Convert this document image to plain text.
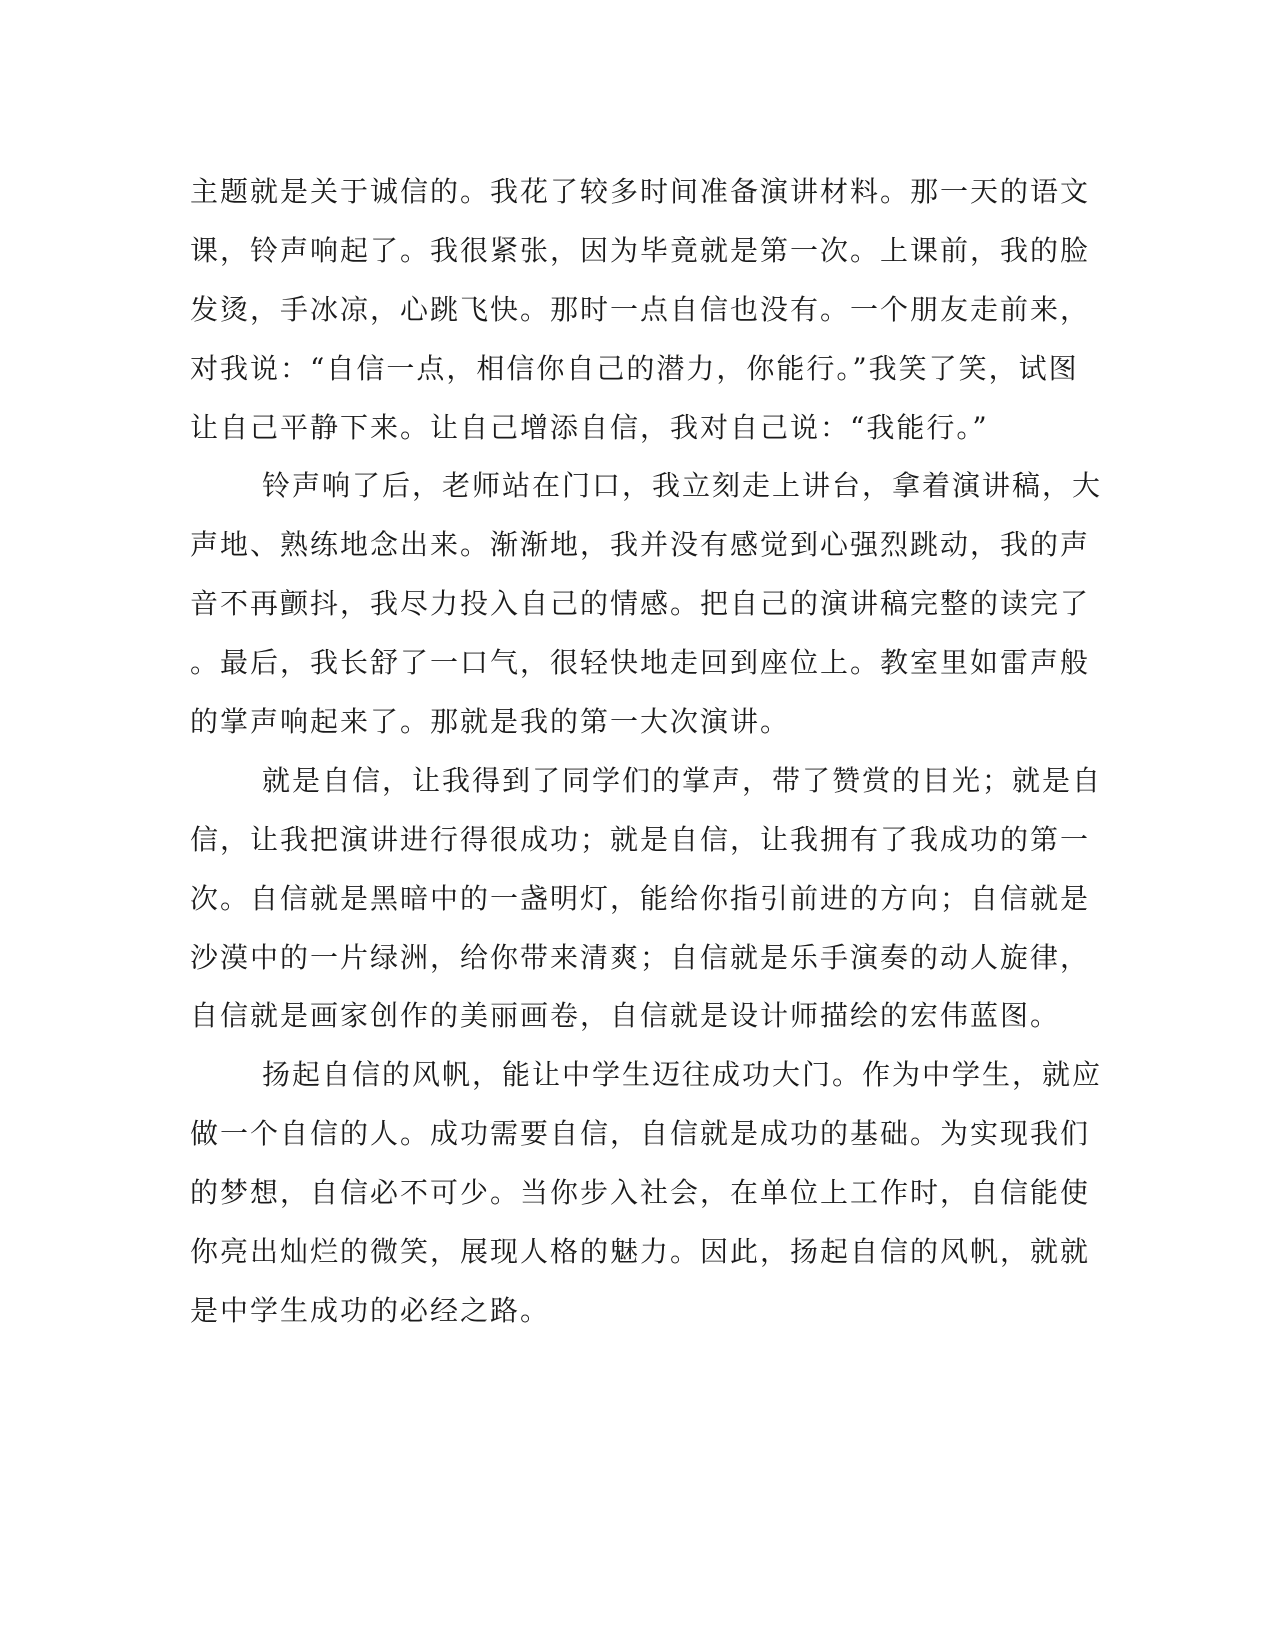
主题就是关于诚信的。我花了较多时间准备演讲材料。那一天的语文
课，铃声响起了。我很紧张，因为毕竟就是第一次。上课前，我的脸
发烫，手冰凉，心跳飞快。那时一点自信也没有。一个朋友走前来，
对我说：“自信一点，相信你自己的潜力，你能行。”我笑了笑，试图
让自己平静下来。让自己增添自信，我对自己说：“我能行。”
铃声响了后，老师站在门口，我立刻走上讲台，拿着演讲稿，大
声地、熟练地念出来。渐渐地，我并没有感觉到心强烈跳动，我的声
音不再颤抖，我尽力投入自己的情感。把自己的演讲稿完整的读完了
。最后，我长舒了一口气，很轻快地走回到座位上。教室里如雷声般
的掌声响起来了。那就是我的第一大次演讲。
就是自信，让我得到了同学们的掌声，带了赞赏的目光；就是自
信，让我把演讲进行得很成功；就是自信，让我拥有了我成功的第一
次。自信就是黑暗中的一盏明灯，能给你指引前进的方向；自信就是
沙漠中的一片绿洲，给你带来清爽；自信就是乐手演奏的动人旋律，
自信就是画家创作的美丽画卷，自信就是设计师描绘的宏伟蓝图。
扬起自信的风帆，能让中学生迈往成功大门。作为中学生，就应
做一个自信的人。成功需要自信，自信就是成功的基础。为实现我们
的梦想，自信必不可少。当你步入社会，在单位上工作时，自信能使
你亮出灿烂的微笑，展现人格的魅力。因此，扬起自信的风帆，就就
是中学生成功的必经之路。
